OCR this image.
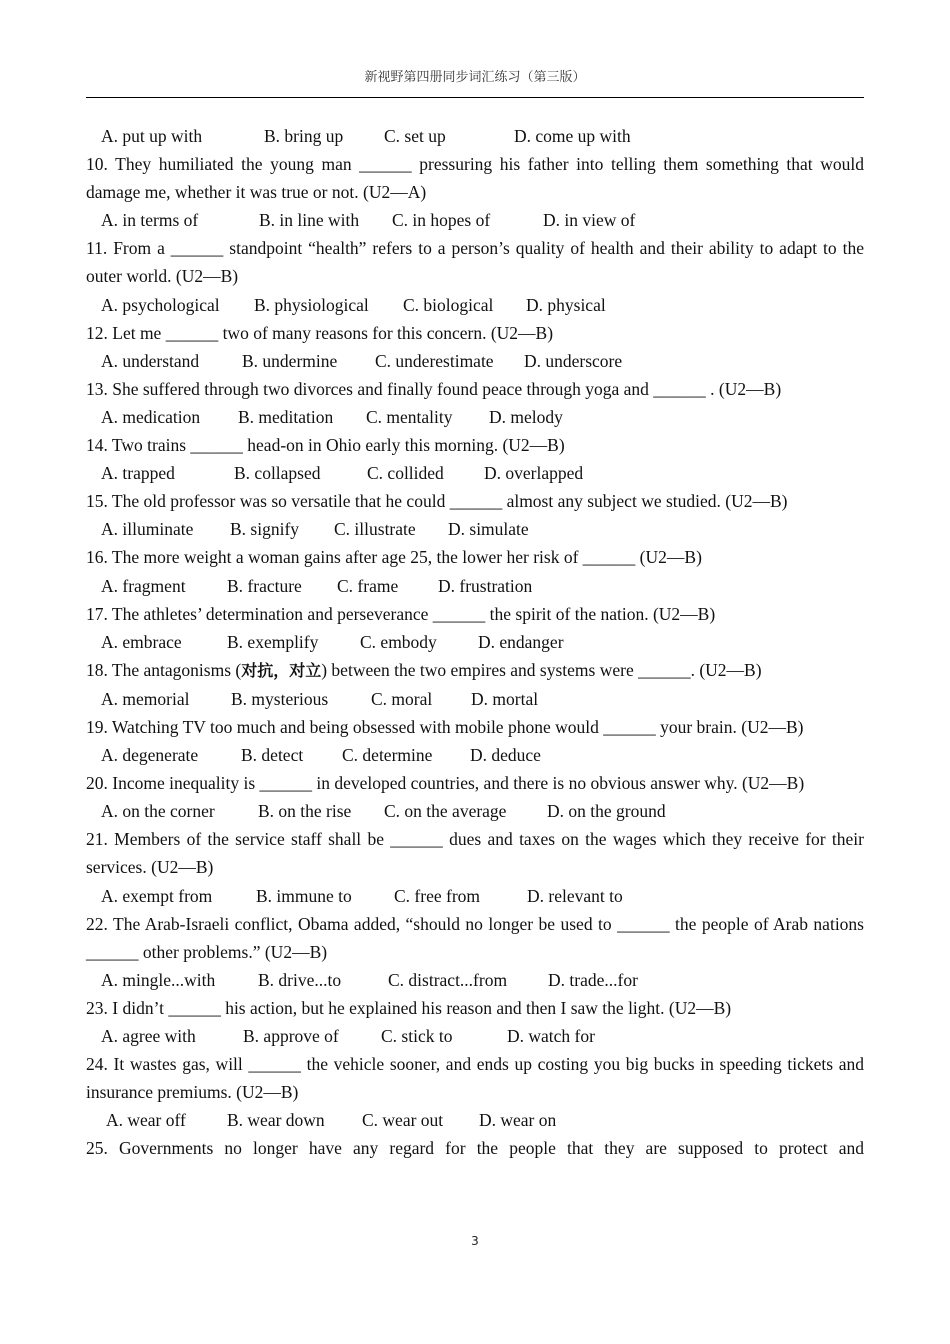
新视野第四册同步词汇练习（第三版）
A. put up with	B. bring up C. set up	D. come up with
10. They humiliated the young man ______ pressuring his father into telling them something that would damage me, whether it was true or not. (U2—A)
A. in terms of	B. in line with C. in hopes of	D. in view of
11. From a ______ standpoint “health” refers to a person’s quality of health and their ability to adapt to the outer world. (U2—B)
A. psychological B. physiological C. biological D. physical
12. Let me ______ two of many reasons for this concern. (U2—B)
A. understand B. undermine C. underestimate D. underscore
13. She suffered through two divorces and finally found peace through yoga and ______ . (U2—B)
A. medication B. meditation C. mentality D. melody
14. Two trains ______ head-on in Ohio early this morning. (U2—B)
A. trapped	B. collapsed	C. collided D. overlapped
15. The old professor was so versatile that he could ______ almost any subject we studied. (U2—B)
A. illuminate B. signify C. illustrate D. simulate
16. The more weight a woman gains after age 25, the lower her risk of ______ (U2—B)
A. fragment B. fracture C. frame D. frustration
17. The athletes’ determination and perseverance ______ the spirit of the nation. (U2—B)
A. embrace	B. exemplify C. embody D. endanger
18. The antagonisms (对抗，对立) between the two empires and systems were ______. (U2—B)
A. memorial B. mysterious C. moral D. mortal
19. Watching TV too much and being obsessed with mobile phone would ______ your brain. (U2—B)
A. degenerate B. detect C. determine D. deduce
20. Income inequality is ______ in developed countries, and there is no obvious answer why. (U2—B)
A. on the corner B. on the rise C. on the average D. on the ground
21. Members of the service staff shall be ______ dues and taxes on the wages which they receive for their services. (U2—B)
A. exempt from B. immune to C. free from	D. relevant to
22. The Arab-Israeli conflict, Obama added, “should no longer be used to ______ the people of Arab nations ______ other problems.” (U2—B)
A. mingle...with B. drive...to	C. distract...from D. trade...for
23. I didn’t ______ his action, but he explained his reason and then I saw the light. (U2—B)
A. agree with	B. approve of C. stick to	D. watch for
24. It wastes gas, will ______ the vehicle sooner, and ends up costing you big bucks in speeding tickets and insurance premiums. (U2—B)
A. wear off B. wear down C. wear out D. wear on
25. Governments no longer have any regard for the people that they are supposed to protect and
3
